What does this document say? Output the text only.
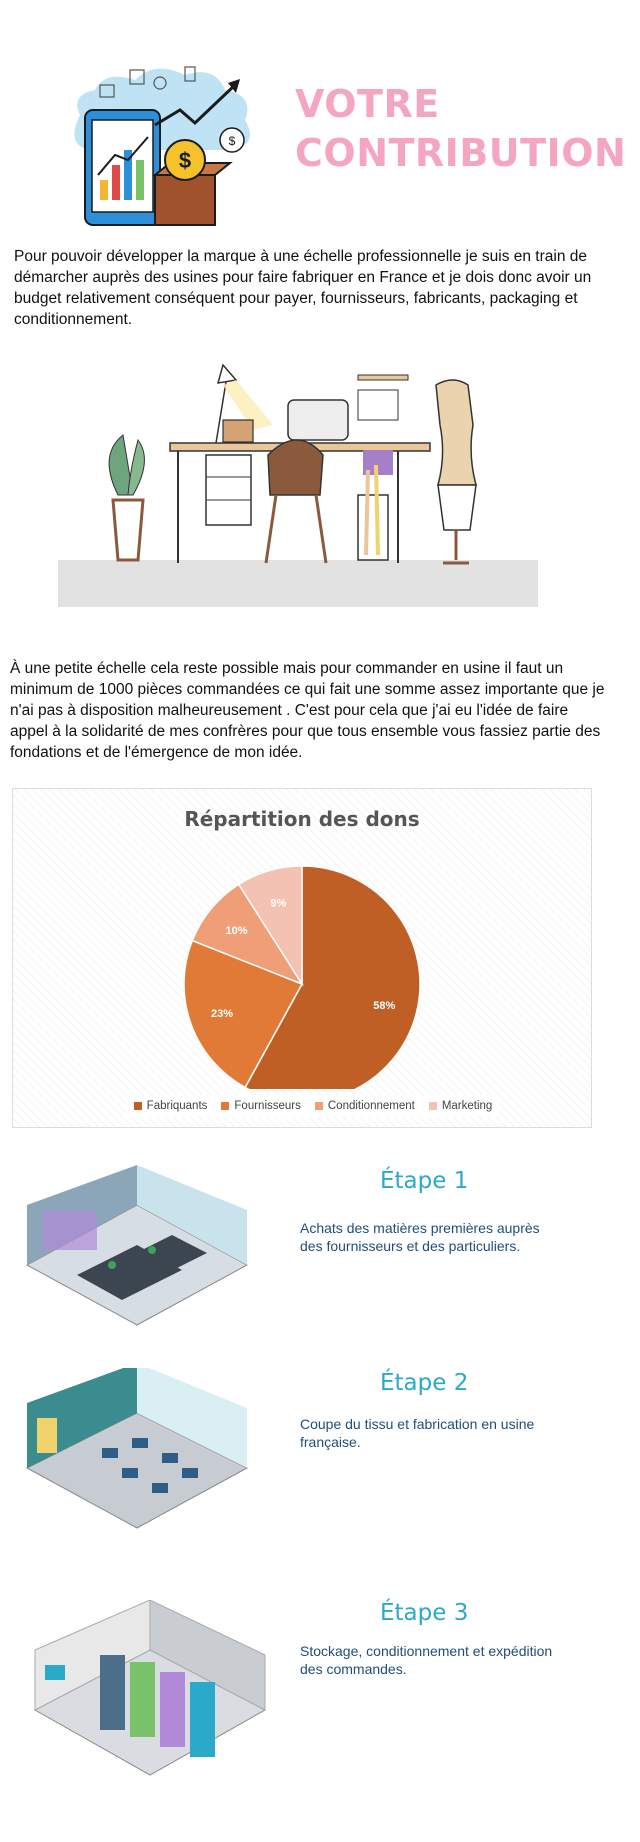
$
$
VOTRE
CONTRIBUTION
Pour pouvoir développer la marque à une échelle professionnelle je suis en train de démarcher auprès des usines pour faire fabriquer en France et je dois donc avoir un budget relativement conséquent pour payer, fournisseurs, fabricants, packaging et conditionnement.
À une petite échelle cela reste possible mais pour commander en usine il faut un minimum de 1000 pièces commandées ce qui fait une somme assez importante que je n'ai pas à disposition malheureusement . C'est pour cela que j'ai eu l'idée de faire appel à la solidarité de mes confrères pour que tous ensemble vous fassiez partie des fondations et de l'émergence de mon idée.
Répartition des dons
58%
23%
10%
9%
Fabriquants Fournisseurs Conditionnement Marketing
Étape 1
Achats des matières premières auprès des fournisseurs et des particuliers.
Étape 2
Coupe du tissu et fabrication en usine française.
Étape 3
Stockage, conditionnement et expédition des commandes.
